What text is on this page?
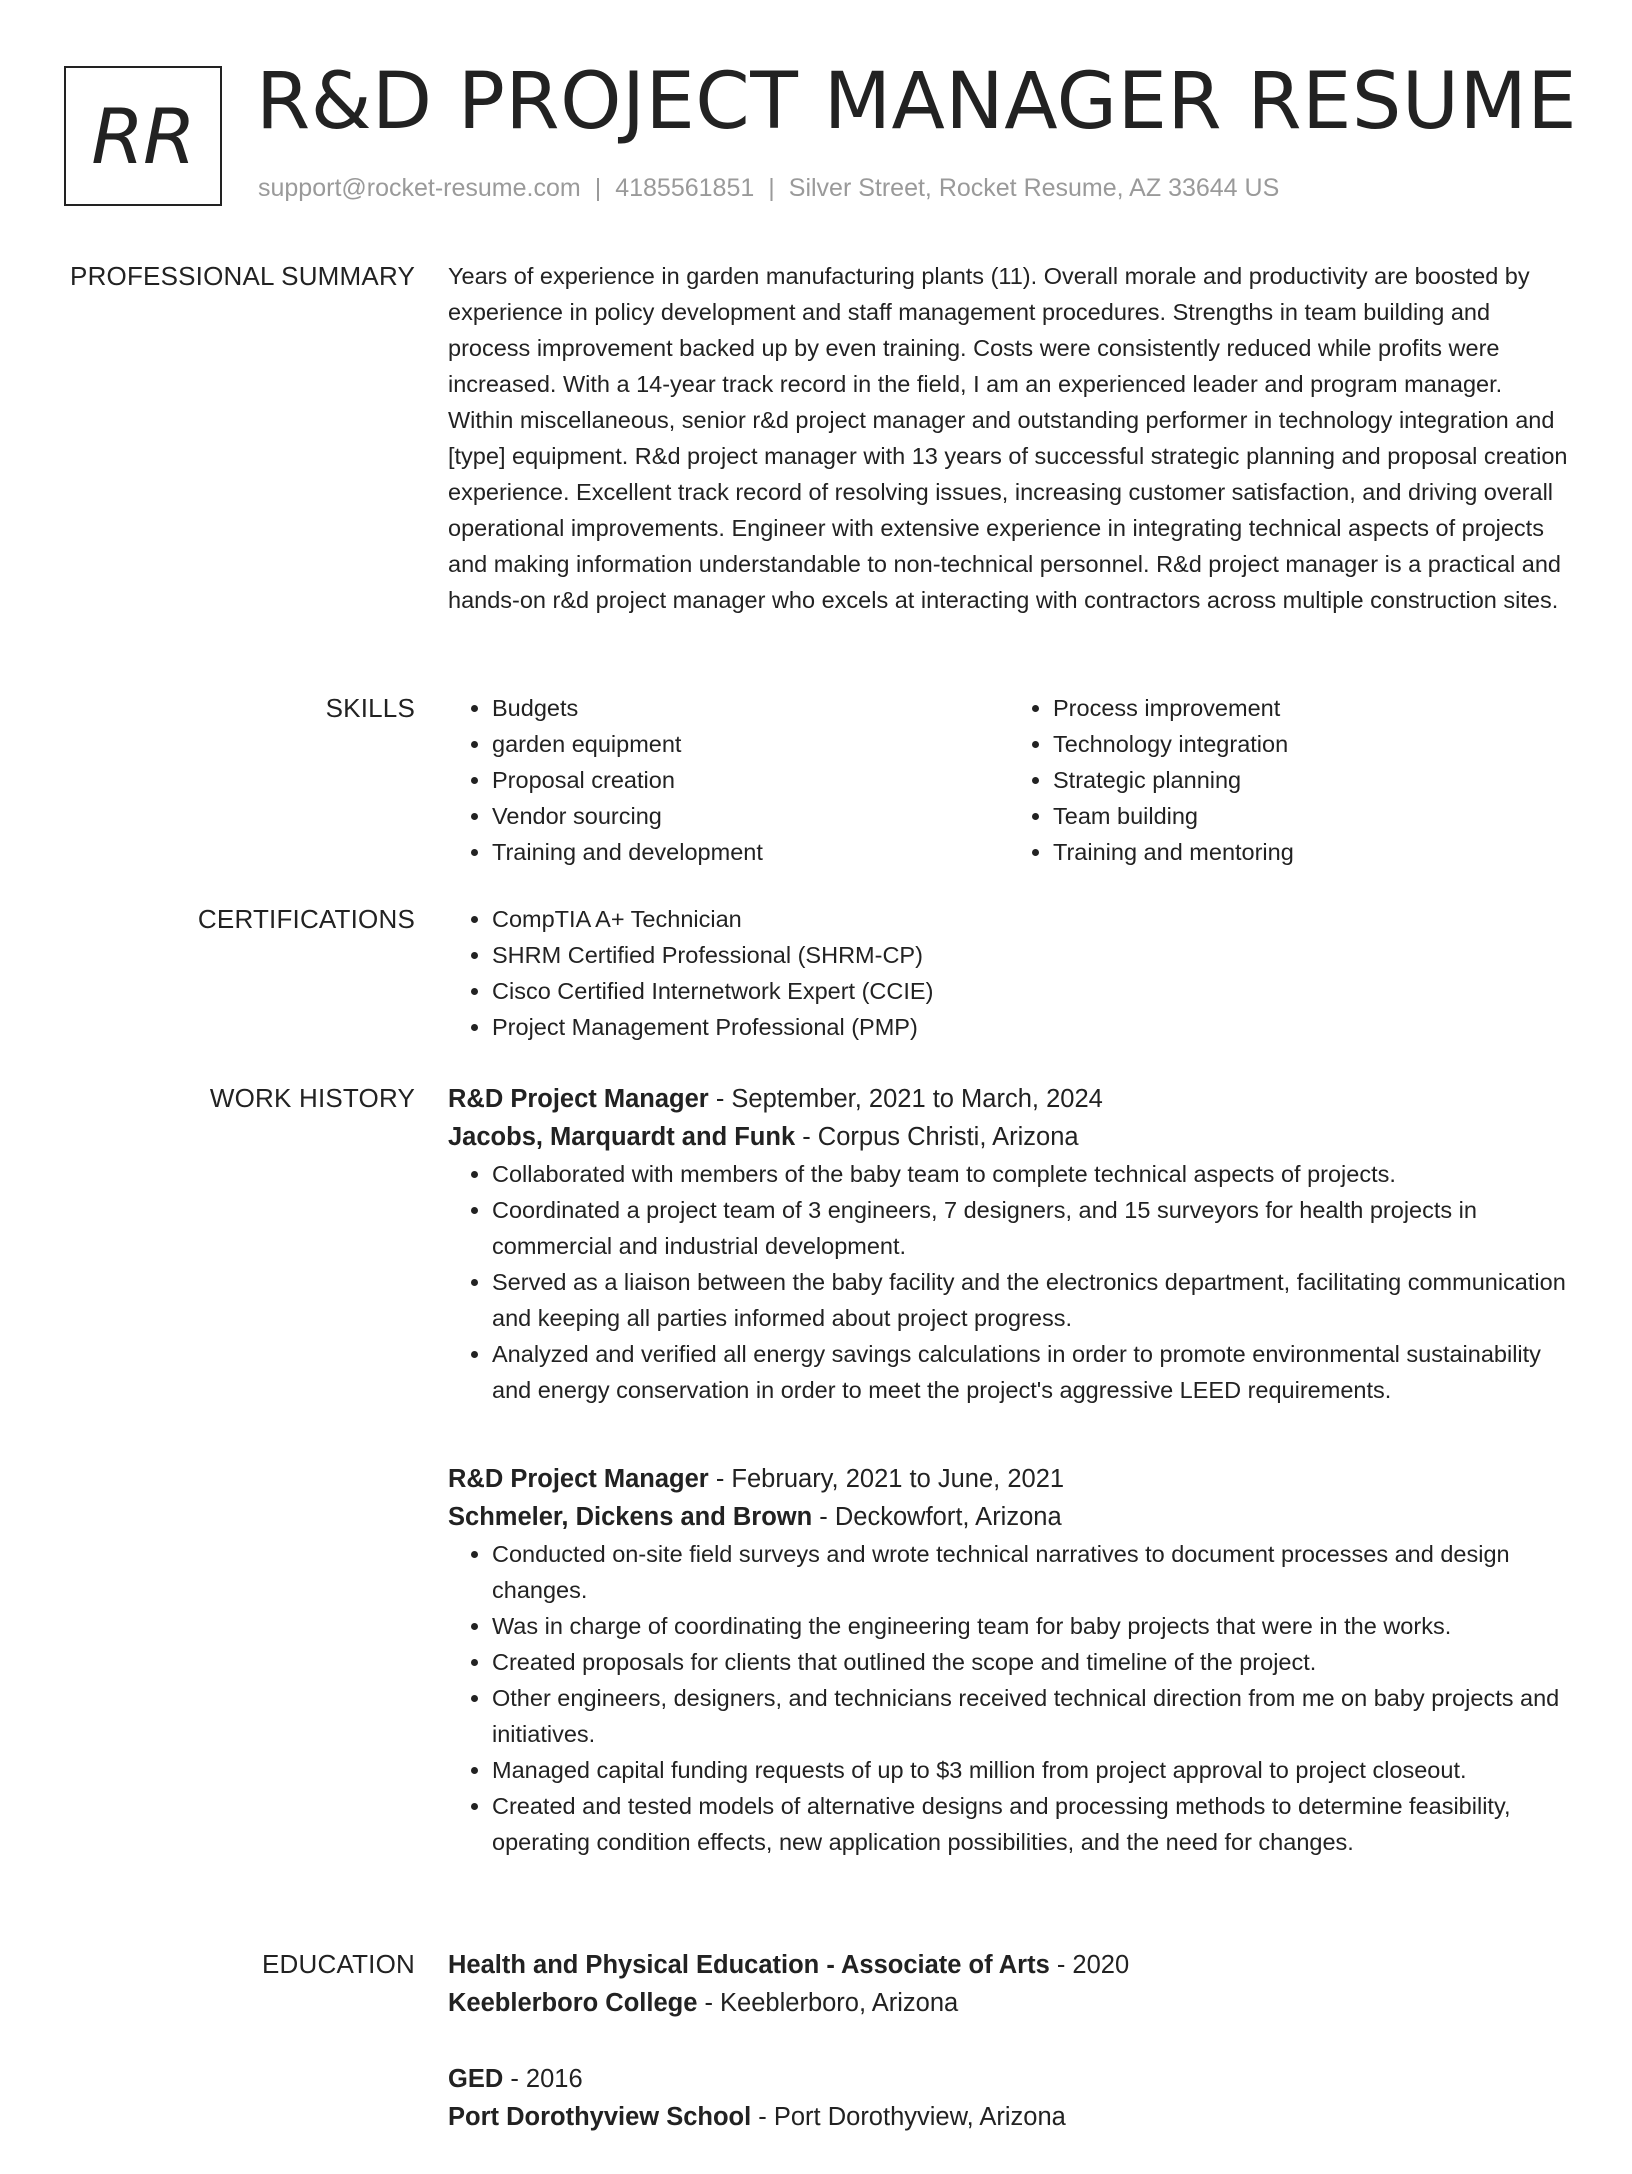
RR R&D PROJECT MANAGER RESUME
support@rocket-resume.com | 4185561851 | Silver Street, Rocket Resume, AZ 33644 US
PROFESSIONAL SUMMARY Years of experience in garden manufacturing plants (11). Overall morale and productivity are boosted by experience in policy development and staff management procedures. Strengths in team building and process improvement backed up by even training. Costs were consistently reduced while profits were increased. With a 14-year track record in the field, I am an experienced leader and program manager. Within miscellaneous, senior r&d project manager and outstanding performer in technology integration and [type] equipment. R&d project manager with 13 years of successful strategic planning and proposal creation experience. Excellent track record of resolving issues, increasing customer satisfaction, and driving overall operational improvements. Engineer with extensive experience in integrating technical aspects of projects and making information understandable to non-technical personnel. R&d project manager is a practical and hands-on r&d project manager who excels at interacting with contractors across multiple construction sites.

SKILLS	• Budgets
• garden equipment
• Proposal creation
• Vendor sourcing
• Training and development
• Process improvement
• Technology integration
• Strategic planning
• Team building
• Training and mentoring
CERTIFICATIONS	• CompTIA A+ Technician
• SHRM Certified Professional (SHRM-CP)
• Cisco Certified Internetwork Expert (CCIE)
• Project Management Professional (PMP)
WORK HISTORY R&D Project Manager - September, 2021 to March, 2024
Jacobs, Marquardt and Funk - Corpus Christi, Arizona
• Collaborated with members of the baby team to complete technical aspects of projects.
• Coordinated a project team of 3 engineers, 7 designers, and 15 surveyors for health projects in commercial and industrial development.
• Served as a liaison between the baby facility and the electronics department, facilitating communication and keeping all parties informed about project progress.
• Analyzed and verified all energy savings calculations in order to promote environmental sustainability and energy conservation in order to meet the project's aggressive LEED requirements.
R&D Project Manager - February, 2021 to June, 2021
Schmeler, Dickens and Brown - Deckowfort, Arizona
• Conducted on-site field surveys and wrote technical narratives to document processes and design changes.
• Was in charge of coordinating the engineering team for baby projects that were in the works.
• Created proposals for clients that outlined the scope and timeline of the project.
• Other engineers, designers, and technicians received technical direction from me on baby projects and initiatives.
• Managed capital funding requests of up to $3 million from project approval to project closeout.
• Created and tested models of alternative designs and processing methods to determine feasibility, operating condition effects, new application possibilities, and the need for changes.
EDUCATION Health and Physical Education - Associate of Arts - 2020
Keeblerboro College - Keeblerboro, Arizona
GED - 2016
Port Dorothyview School - Port Dorothyview, Arizona
